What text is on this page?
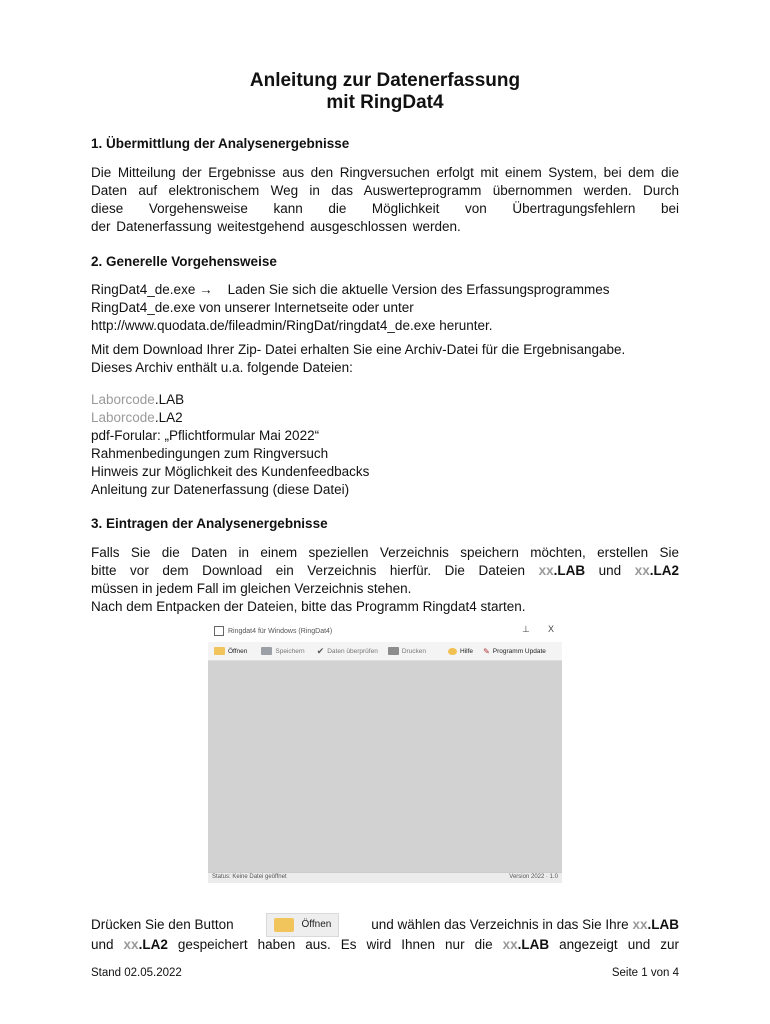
Anleitung zur Datenerfassung
mit RingDat4
1. Übermittlung der Analysenergebnisse
Die Mitteilung der Ergebnisse aus den Ringversuchen erfolgt mit einem System, bei dem die
Daten auf elektronischem Weg in das Auswerteprogramm übernommen werden. Durch
diese Vorgehensweise kann die Möglichkeit von Übertragungsfehlern bei
der Datenerfassung weitestgehend ausgeschlossen werden.
2. Generelle Vorgehensweise
RingDat4_de.exe →    Laden Sie sich die aktuelle Version des Erfassungsprogrammes
RingDat4_de.exe von unserer Internetseite oder unter
http://www.quodata.de/fileadmin/RingDat/ringdat4_de.exe herunter.
Mit dem Download Ihrer Zip- Datei erhalten Sie eine Archiv-Datei für die Ergebnisangabe.
Dieses Archiv enthält u.a. folgende Dateien:
Laborcode.LAB
Laborcode.LA2
pdf-Forular: „Pflichtformular Mai 2022“
Rahmenbedingungen zum Ringversuch
Hinweis zur Möglichkeit des Kundenfeedbacks
Anleitung zur Datenerfassung (diese Datei)
3. Eintragen der Analysenergebnisse
Falls Sie die Daten in einem speziellen Verzeichnis speichern möchten, erstellen Sie
bitte vor dem Download ein Verzeichnis hierfür. Die Dateien xx.LAB und xx.LA2
müssen in jedem Fall im gleichen Verzeichnis stehen.
Nach dem Entpacken der Dateien, bitte das Programm Ringdat4 starten.
Ringdat4 für Windows (RingDat4)	⊥ X
Öffnen	Speichern ✔ Daten überprüfen	Drucken	Hilfe ✎ Programm Update
Status: Keine Datei geöffnet	Version 2022 · 1.0
Drücken Sie den Button	Öffnen	und wählen das Verzeichnis in das Sie Ihre xx.LAB
und xx.LA2 gespeichert haben aus. Es wird Ihnen nur die xx.LAB angezeigt und zur
Stand 02.05.2022	Seite 1 von 4
